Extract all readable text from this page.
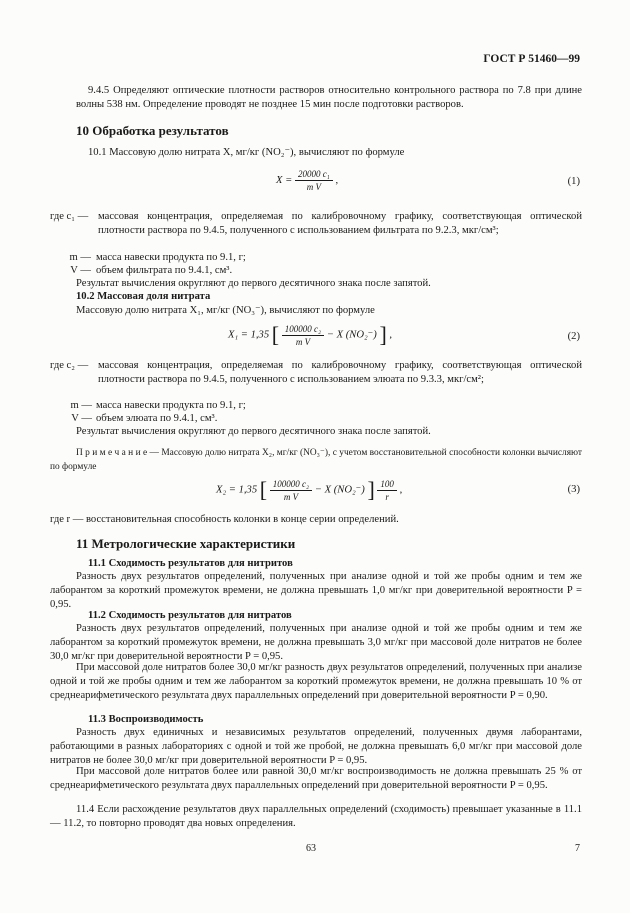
ГОСТ Р 51460—99
9.4.5 Определяют оптические плотности растворов относительно контрольного раствора по 7.8 при длине волны 538 нм. Определение проводят не позднее 15 мин после подготовки растворов.
10 Обработка результатов
10.1 Массовую долю нитрата X, мг/кг (NO₂⁻), вычисляют по формуле
$X = \frac{\text{20000 c₁}}{\text{m V}}$ ,	(1)
где c₁ — массовая концентрация, определяемая по калибровочному графику, соответствующая оптической плотности раствора по 9.4.5, полученного с использованием фильтрата по 9.2.3, мкг/см³;
m — масса навески продукта по 9.1, г;
V — объем фильтрата по 9.4.1, см³.
Результат вычисления округляют до первого десятичного знака после запятой.
10.2 Массовая доля нитрата
Массовую долю нитрата X₁, мг/кг (NO₃⁻), вычисляют по формуле
X₁ = 1,35 [ $\frac{\text{100000 c₂}}{\text{m V}} - X$ (NO₂⁻) ] ,	(2)
где c₂ — массовая концентрация, определяемая по калибровочному графику, соответствующая оптической плотности раствора по 9.4.5, полученного с использованием элюата по 9.3.3, мкг/см²;
m — масса навески продукта по 9.1, г;
V — объем элюата по 9.4.1, см³.
Результат вычисления округляют до первого десятичного знака после запятой.
П р и м е ч а н и е — Массовую долю нитрата X₂, мг/кг (NO₃⁻), с учетом восстановительной способности колонки вычисляют по формуле
X₂ = 1,35 [ $\frac{\text{100000 c₂}}{\text{m V}} - X$ (NO₂⁻) ] $\frac{100}{r}$ ,	(3)
где r — восстановительная способность колонки в конце серии определений.
11 Метрологические характеристики
11.1 Сходимость результатов для нитритов
Разность двух результатов определений, полученных при анализе одной и той же пробы одним и тем же лаборантом за короткий промежуток времени, не должна превышать 1,0 мг/кг при доверительной вероятности P = 0,95.
11.2 Сходимость результатов для нитратов
Разность двух результатов определений, полученных при анализе одной и той же пробы одним и тем же лаборантом за короткий промежуток времени, не должна превышать 3,0 мг/кг при массовой доле нитратов не более 30,0 мг/кг при доверительной вероятности P = 0,95.
При массовой доле нитратов более 30,0 мг/кг разность двух результатов определений, полученных при анализе одной и той же пробы одним и тем же лаборантом за короткий промежуток времени, не должна превышать 10 % от среднеарифметического результата двух параллельных определений при доверительной вероятности P = 0,90.
11.3 Воспроизводимость
Разность двух единичных и независимых результатов определений, полученных двумя лаборантами, работающими в разных лабораториях с одной и той же пробой, не должна превышать 6,0 мг/кг при массовой доле нитратов не более 30,0 мг/кг при доверительной вероятности P = 0,95.
При массовой доле нитратов более или равной 30,0 мг/кг воспроизводимость не должна превышать 25 % от среднеарифметического результата двух параллельных определений при доверительной вероятности P = 0,95.
11.4 Если расхождение результатов двух параллельных определений (сходимость) превышает указанные в 11.1 — 11.2, то повторно проводят два новых определения.
63	7
